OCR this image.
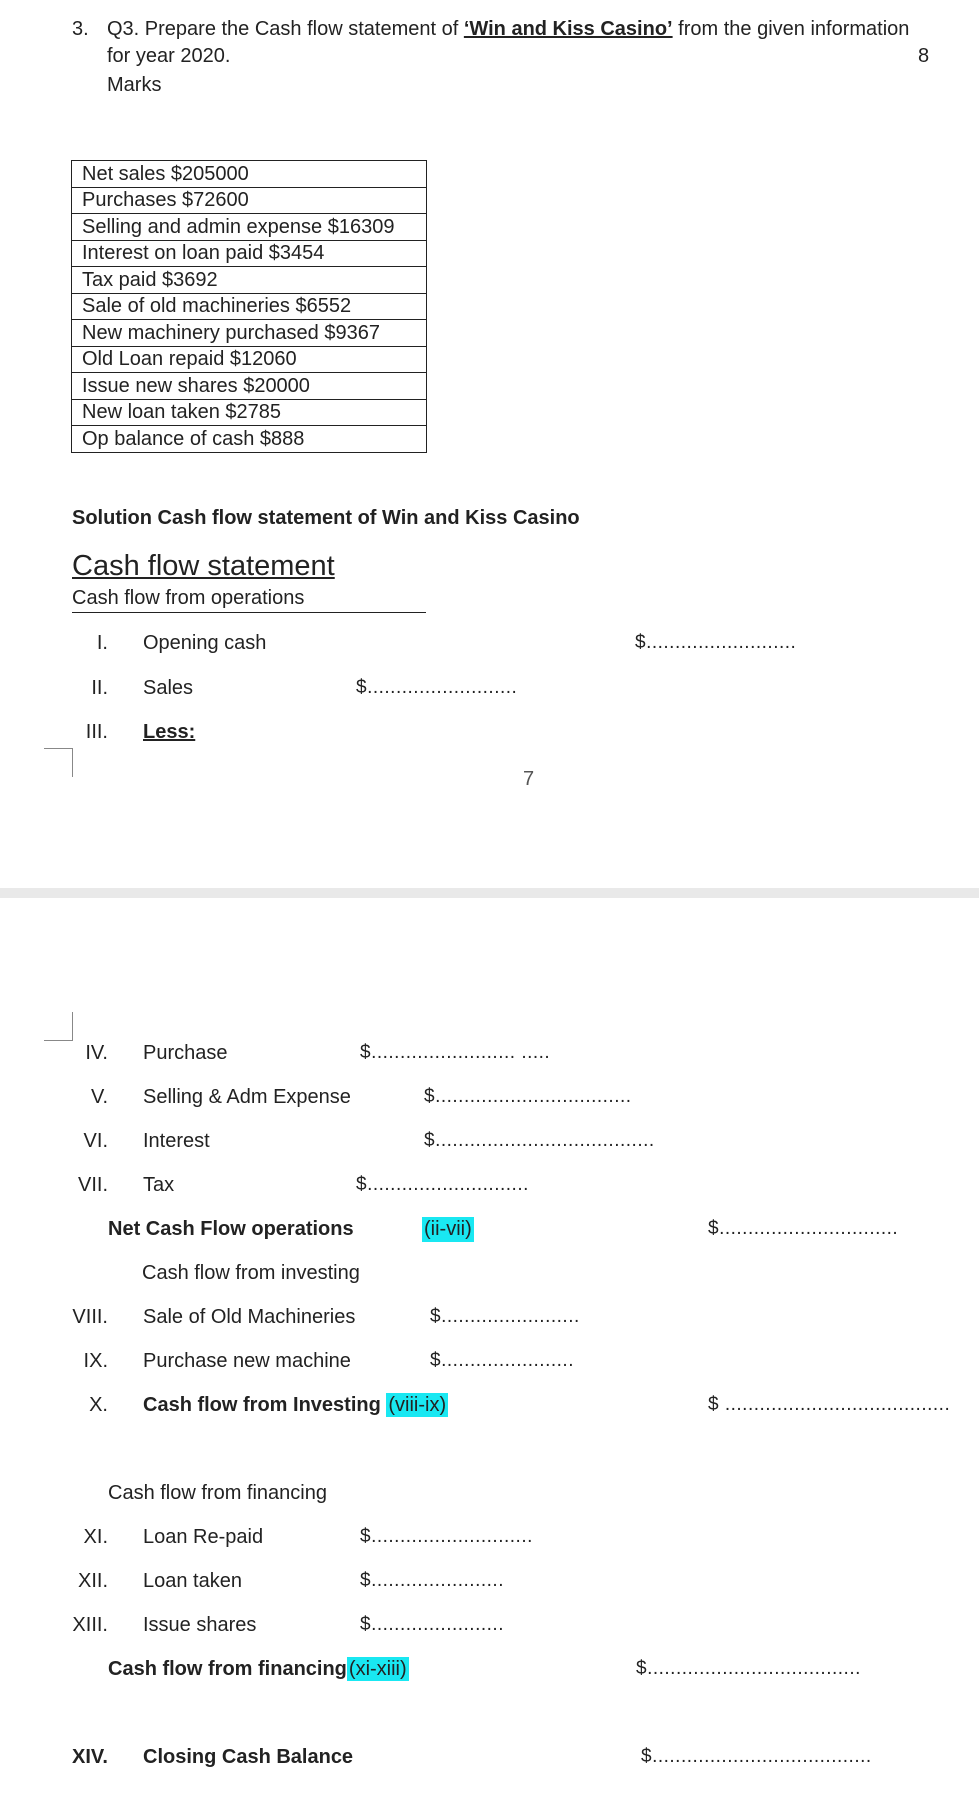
3. Q3. Prepare the Cash flow statement of ‘Win and Kiss Casino’ from the given information
for year 2020.	8
Marks
Net sales $205000
Purchases $72600
Selling and admin expense $16309
Interest on loan paid $3454
Tax paid $3692
Sale of old machineries $6552
New machinery purchased $9367
Old Loan repaid $12060
Issue new shares $20000
New loan taken $2785
Op balance of cash $888
Solution Cash flow statement of Win and Kiss Casino
Cash flow statement
Cash flow from operations
I. Opening cash	$..........................
II. Sales	$..........................
III. Less:
7
IV. Purchase	$......................... .....
V. Selling & Adm Expense	$..................................
VI. Interest	$......................................
VII. Tax	$............................
Net Cash Flow operations	(ii-vii)	$...............................
Cash flow from investing
VIII. Sale of Old Machineries	$........................
IX. Purchase new machine	$.......................
X. Cash flow from Investing (viii-ix)	$ .......................................
Cash flow from financing
XI. Loan Re-paid	$............................
XII. Loan taken	$.......................
XIII. Issue shares	$.......................
Cash flow from financing (xi-xiii)	$.....................................
XIV. Closing Cash Balance	$......................................
